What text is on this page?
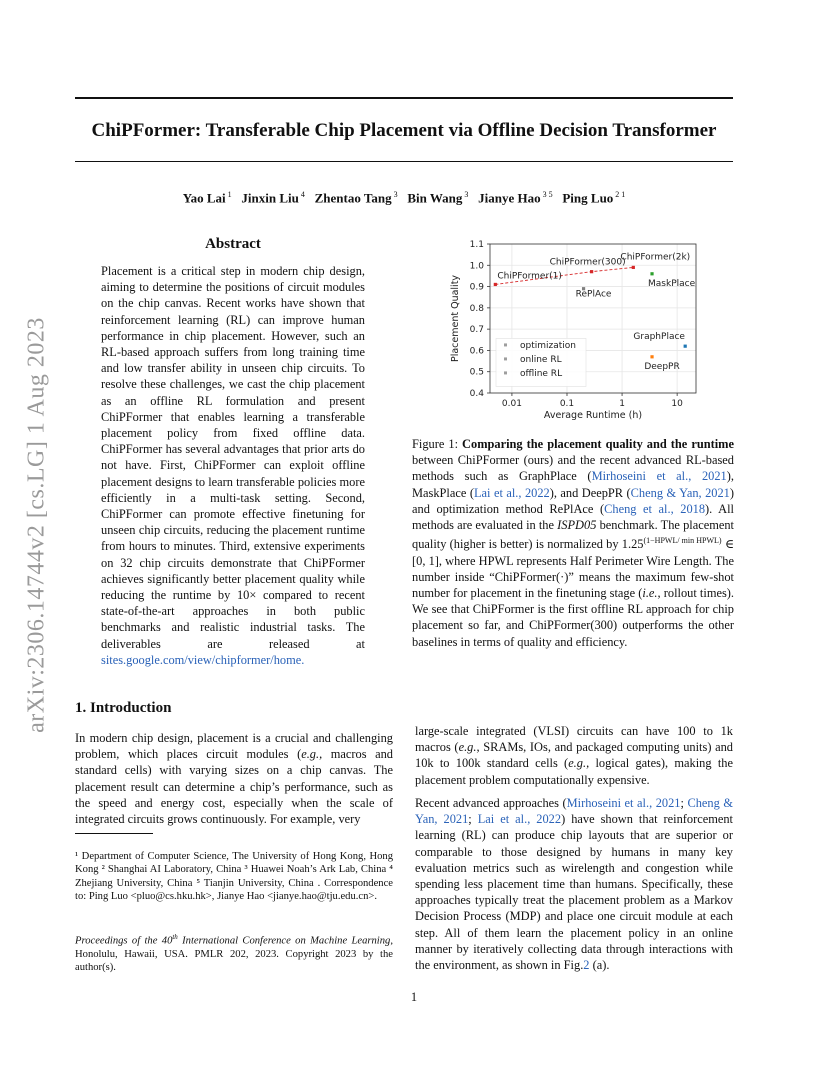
arXiv:2306.14744v2 [cs.LG] 1 Aug 2023
ChiPFormer: Transferable Chip Placement via Offline Decision Transformer
Yao Lai $^1$ Jinxin Liu $^4$ Zhentao Tang $^3$ Bin Wang $^3$ Jianye Hao $^{3 5}$ Ping Luo $^{2 1}$
Abstract
Placement is a critical step in modern chip design, aiming to determine the positions of circuit modules on the chip canvas. Recent works have shown that reinforcement learning (RL) can improve human performance in chip placement. However, such an RL-based approach suffers from long training time and low transfer ability in unseen chip circuits. To resolve these challenges, we cast the chip placement as an offline RL formulation and present ChiPFormer that enables learning a transferable placement policy from fixed offline data. ChiPFormer has several advantages that prior arts do not have. First, ChiPFormer can exploit offline placement designs to learn transferable policies more efficiently in a multi-task setting. Second, ChiPFormer can promote effective finetuning for unseen chip circuits, reducing the placement runtime from hours to minutes. Third, extensive experiments on 32 chip circuits demonstrate that ChiPFormer achieves significantly better placement quality while reducing the runtime by 10× compared to recent state-of-the-art approaches in both public benchmarks and realistic industrial tasks. The deliverables are released at sites.google.com/view/chipformer/home.
0.01	0.1	1	10
0.4
0.5
0.6
0.7
0.8
0.9
1.0
1.1
Average Runtime (h)
Placement Quality	ChiPFormer(1)
ChiPFormer(300)
ChiPFormer(2k)
MaskPlace
RePlAce
GraphPlace
DeepPR
optimization
online RL
offline RL
Figure 1: Comparing the placement quality and the runtime between ChiPFormer (ours) and the recent advanced RL-based methods such as GraphPlace (Mirhoseini et al., 2021), MaskPlace (Lai et al., 2022), and DeepPR (Cheng & Yan, 2021) and optimization method RePlAce (Cheng et al., 2018). All methods are evaluated in the ISPD05 benchmark. The placement quality (higher is better) is normalized by $1.25^{(1-HPWL/ min HPWL)}$ ∈ [0, 1], where HPWL represents Half Perimeter Wire Length. The number inside “ChiPFormer(·)” means the maximum few-shot number for placement in the finetuning stage (i.e., rollout times). We see that ChiPFormer is the first offline RL approach for chip placement so far, and ChiPFormer(300) outperforms the other baselines in terms of quality and efficiency.
1. Introduction
In modern chip design, placement is a crucial and challenging problem, which places circuit modules (e.g., macros and standard cells) with varying sizes on a chip canvas. The placement result can determine a chip’s performance, such as the speed and energy cost, especially when the scale of integrated circuits grows continuously. For example, very
¹ Department of Computer Science, The University of Hong Kong, Hong Kong ² Shanghai AI Laboratory, China ³ Huawei Noah’s Ark Lab, China ⁴ Zhejiang University, China ⁵ Tianjin University, China . Correspondence to: Ping Luo <pluo@cs.hku.hk>, Jianye Hao <jianye.hao@tju.edu.cn>.
Proceedings of the 40th International Conference on Machine Learning, Honolulu, Hawaii, USA. PMLR 202, 2023. Copyright 2023 by the author(s).
large-scale integrated (VLSI) circuits can have 100 to 1k macros (e.g., SRAMs, IOs, and packaged computing units) and 10k to 100k standard cells (e.g., logical gates), making the placement problem computationally expensive.
Recent advanced approaches (Mirhoseini et al., 2021; Cheng & Yan, 2021; Lai et al., 2022) have shown that reinforcement learning (RL) can produce chip layouts that are superior or comparable to those designed by humans in many key evaluation metrics such as wirelength and congestion while spending less placement time than humans. Specifically, these approaches typically treat the placement problem as a Markov Decision Process (MDP) and place one circuit module at each step. All of them learn the placement policy in an online manner by iteratively collecting data through interactions with the environment, as shown in Fig.2 (a).
1
